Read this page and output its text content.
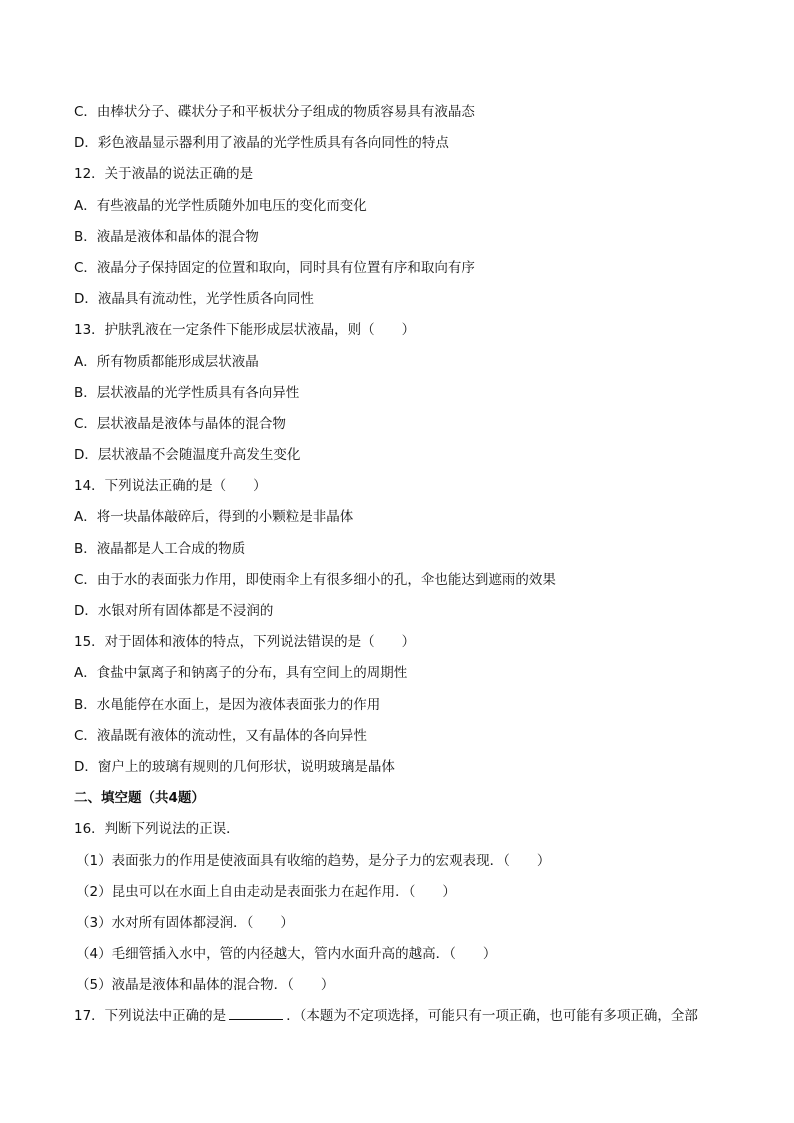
C．由棒状分子、碟状分子和平板状分子组成的物质容易具有液晶态
D．彩色液晶显示器利用了液晶的光学性质具有各向同性的特点
12．关于液晶的说法正确的是
A．有些液晶的光学性质随外加电压的变化而变化
B．液晶是液体和晶体的混合物
C．液晶分子保持固定的位置和取向，同时具有位置有序和取向有序
D．液晶具有流动性，光学性质各向同性
13．护肤乳液在一定条件下能形成层状液晶，则（　　）
A．所有物质都能形成层状液晶
B．层状液晶的光学性质具有各向异性
C．层状液晶是液体与晶体的混合物
D．层状液晶不会随温度升高发生变化
14．下列说法正确的是（　　）
A．将一块晶体敲碎后，得到的小颗粒是非晶体
B．液晶都是人工合成的物质
C．由于水的表面张力作用，即使雨伞上有很多细小的孔，伞也能达到遮雨的效果
D．水银对所有固体都是不浸润的
15．对于固体和液体的特点，下列说法错误的是（　　）
A．食盐中氯离子和钠离子的分布，具有空间上的周期性
B．水黾能停在水面上，是因为液体表面张力的作用
C．液晶既有液体的流动性，又有晶体的各向异性
D．窗户上的玻璃有规则的几何形状，说明玻璃是晶体
二、填空题（共4题）
16．判断下列说法的正误．
（1）表面张力的作用是使液面具有收缩的趋势，是分子力的宏观表现．（　　）
（2）昆虫可以在水面上自由走动是表面张力在起作用．（　　）
（3）水对所有固体都浸润．（　　）
（4）毛细管插入水中，管的内径越大，管内水面升高的越高．（　　）
（5）液晶是液体和晶体的混合物．（　　）
17．下列说法中正确的是	．（本题为不定项选择，可能只有一项正确，也可能有多项正确，全部
